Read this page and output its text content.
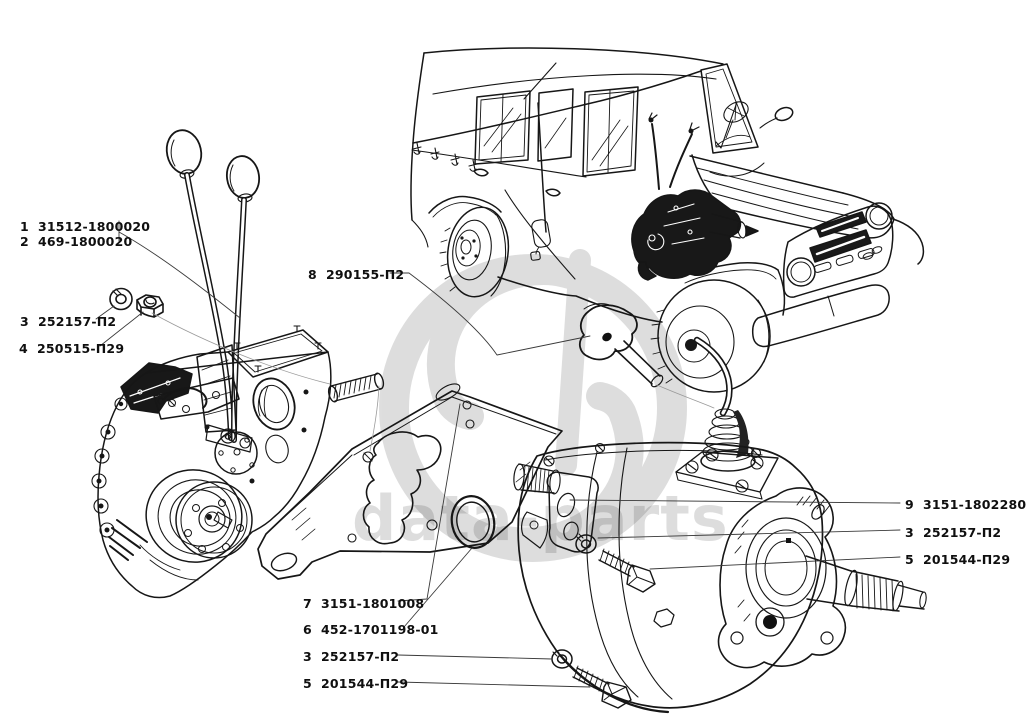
data-parts
1 31512-1800020
2 469-1800020
3 252157-П2
4 250515-П29
8 290155-П2
9 3151-1802280
3 252157-П2
5 201544-П29
7 3151-1801008
6 452-1701198-01
3 252157-П2
5 201544-П29
